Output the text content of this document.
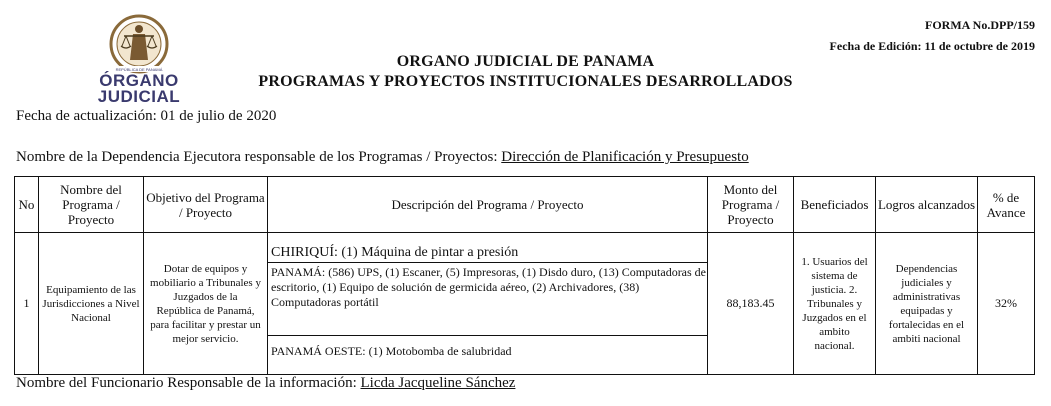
REPÚBLICA DE PANAMÁ
ÓRGANO
JUDICIAL
FORMA No.DPP/159
Fecha de Edición: 11 de octubre de 2019
ORGANO JUDICIAL DE PANAMA
PROGRAMAS Y PROYECTOS INSTITUCIONALES DESARROLLADOS
Fecha de actualización: 01 de julio de 2020
Nombre de la Dependencia Ejecutora responsable de los Programas / Proyectos: Dirección de Planificación y Presupuesto
No	Nombre del Programa / Proyecto	Objetivo del Programa / Proyecto	Descripción del Programa / Proyecto	Monto del Programa / Proyecto	Beneficiados	Logros alcanzados	% de Avance
1	Equipamiento de las Jurisdicciones a Nivel Nacional	Dotar de equipos y mobiliario a Tribunales y Juzgados de la República de Panamá, para facilitar y prestar un mejor servicio.	CHIRIQUÍ: (1) Máquina de pintar a presión
PANAMÁ: (586) UPS, (1) Escaner, (5) Impresoras, (1) Disdo duro, (13) Computadoras de escritorio, (1) Equipo de solución de germicida aéreo, (2) Archivadores, (38) Computadoras portátil
PANAMÁ OESTE: (1) Motobomba de salubridad	88,183.45	1. Usuarios del sistema de justicia. 2. Tribunales y Juzgados en el ambito nacional.	Dependencias judiciales y administrativas equipadas y fortalecidas en el ambiti nacional	32%
Nombre del Funcionario Responsable de la información: Licda Jacqueline Sánchez
